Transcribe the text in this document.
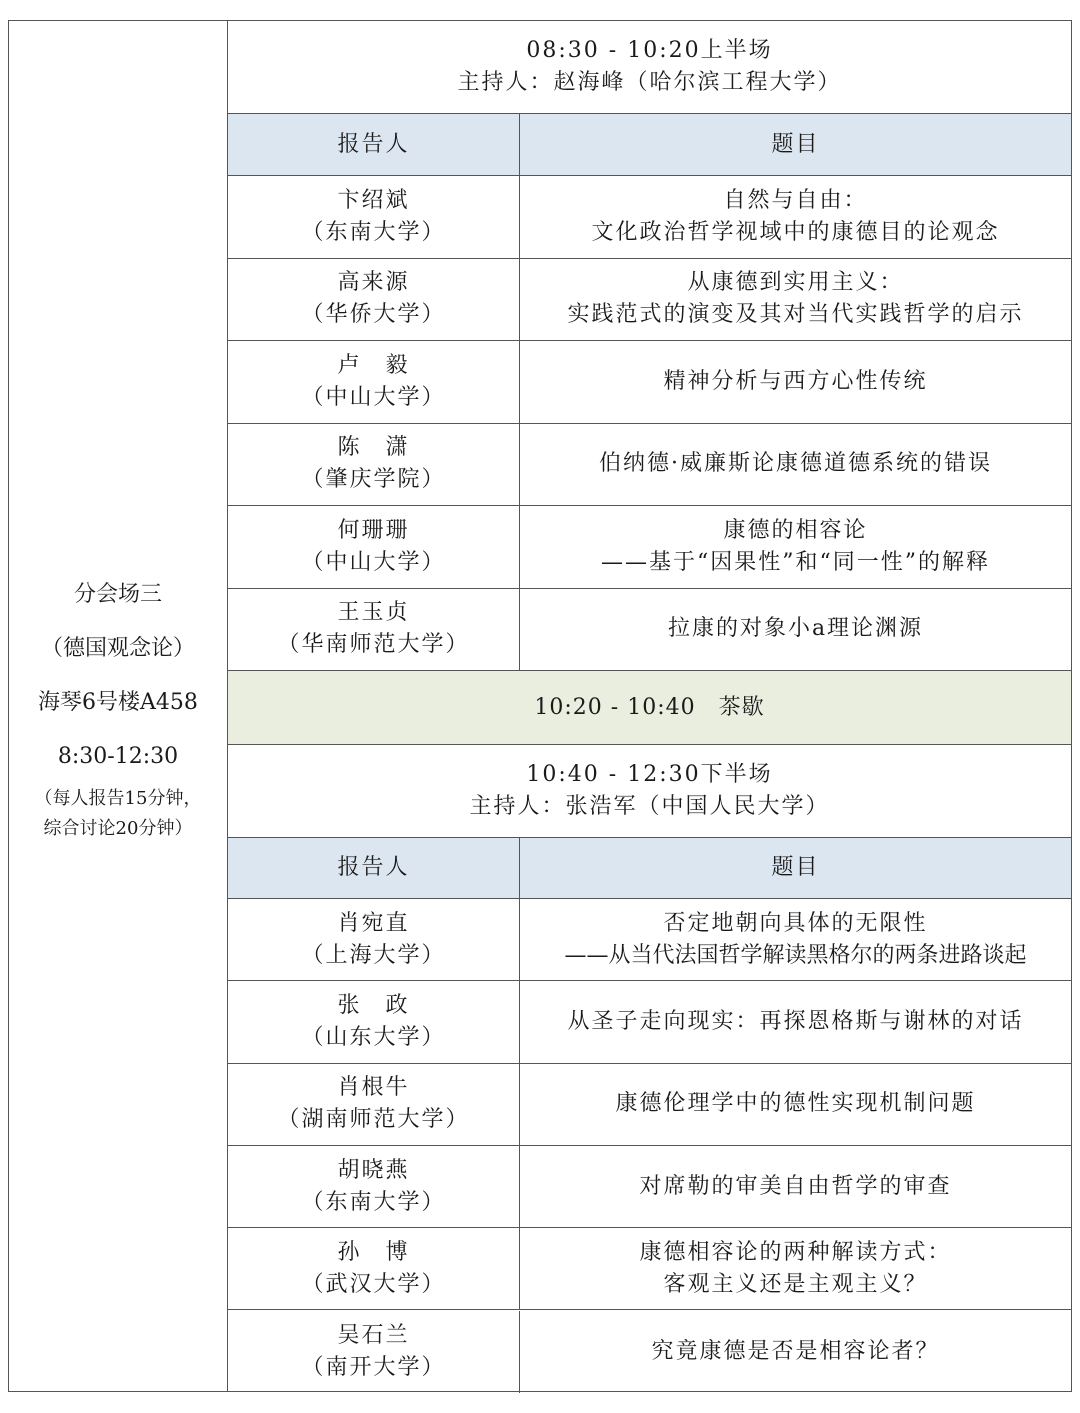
分会场三
（德国观念论）
海琴6号楼A458
8:30-12:30
（每人报告15分钟，
综合讨论20分钟）
08:30 - 10:20上半场
主持人：赵海峰（哈尔滨工程大学）
报告人	题目
卞绍斌
（东南大学）
自然与自由：
文化政治哲学视域中的康德目的论观念
高来源
（华侨大学）
从康德到实用主义：
实践范式的演变及其对当代实践哲学的启示
卢　毅
（中山大学）
精神分析与西方心性传统
陈　潇
（肇庆学院）
伯纳德·威廉斯论康德道德系统的错误
何珊珊
（中山大学）
康德的相容论
——基于“因果性”和“同一性”的解释
王玉贞
（华南师范大学）
拉康的对象小a理论渊源
10:20 - 10:40　茶歇
10:40 - 12:30下半场
主持人：张浩军（中国人民大学）
报告人	题目
肖宛直
（上海大学）
否定地朝向具体的无限性
——从当代法国哲学解读黑格尔的两条进路谈起
张　政
（山东大学）
从圣子走向现实：再探恩格斯与谢林的对话
肖根牛
（湖南师范大学）
康德伦理学中的德性实现机制问题
胡晓燕
（东南大学）
对席勒的审美自由哲学的审查
孙　博
（武汉大学）
康德相容论的两种解读方式：
客观主义还是主观主义？
吴石兰
（南开大学）
究竟康德是否是相容论者？
